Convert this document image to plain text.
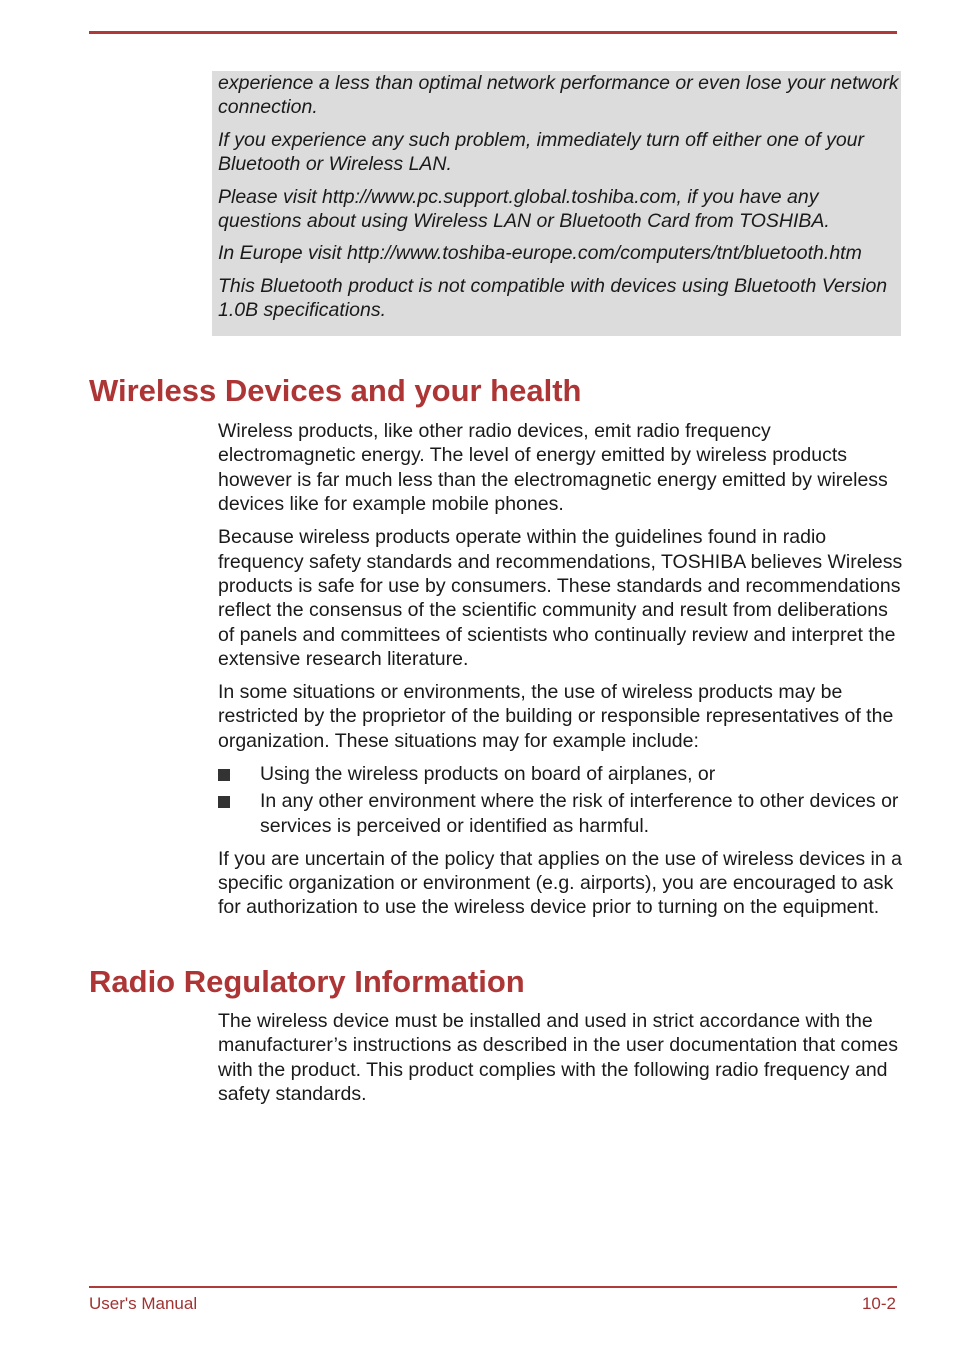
experience a less than optimal network performance or even lose your network connection.

If you experience any such problem, immediately turn off either one of your Bluetooth or Wireless LAN.

Please visit http://www.pc.support.global.toshiba.com, if you have any questions about using Wireless LAN or Bluetooth Card from TOSHIBA.

In Europe visit http://www.toshiba-europe.com/computers/tnt/bluetooth.htm

This Bluetooth product is not compatible with devices using Bluetooth Version 1.0B specifications.

Wireless Devices and your health

Wireless products, like other radio devices, emit radio frequency electromagnetic energy. The level of energy emitted by wireless products however is far much less than the electromagnetic energy emitted by wireless devices like for example mobile phones.

Because wireless products operate within the guidelines found in radio frequency safety standards and recommendations, TOSHIBA believes Wireless products is safe for use by consumers. These standards and recommendations reflect the consensus of the scientific community and result from deliberations of panels and committees of scientists who continually review and interpret the extensive research literature.

In some situations or environments, the use of wireless products may be restricted by the proprietor of the building or responsible representatives of the organization. These situations may for example include:

Using the wireless products on board of airplanes, or
In any other environment where the risk of interference to other devices or services is perceived or identified as harmful.

If you are uncertain of the policy that applies on the use of wireless devices in a specific organization or environment (e.g. airports), you are encouraged to ask for authorization to use the wireless device prior to turning on the equipment.

Radio Regulatory Information

The wireless device must be installed and used in strict accordance with the manufacturer’s instructions as described in the user documentation that comes with the product. This product complies with the following radio frequency and safety standards.

User's Manual	10-2
